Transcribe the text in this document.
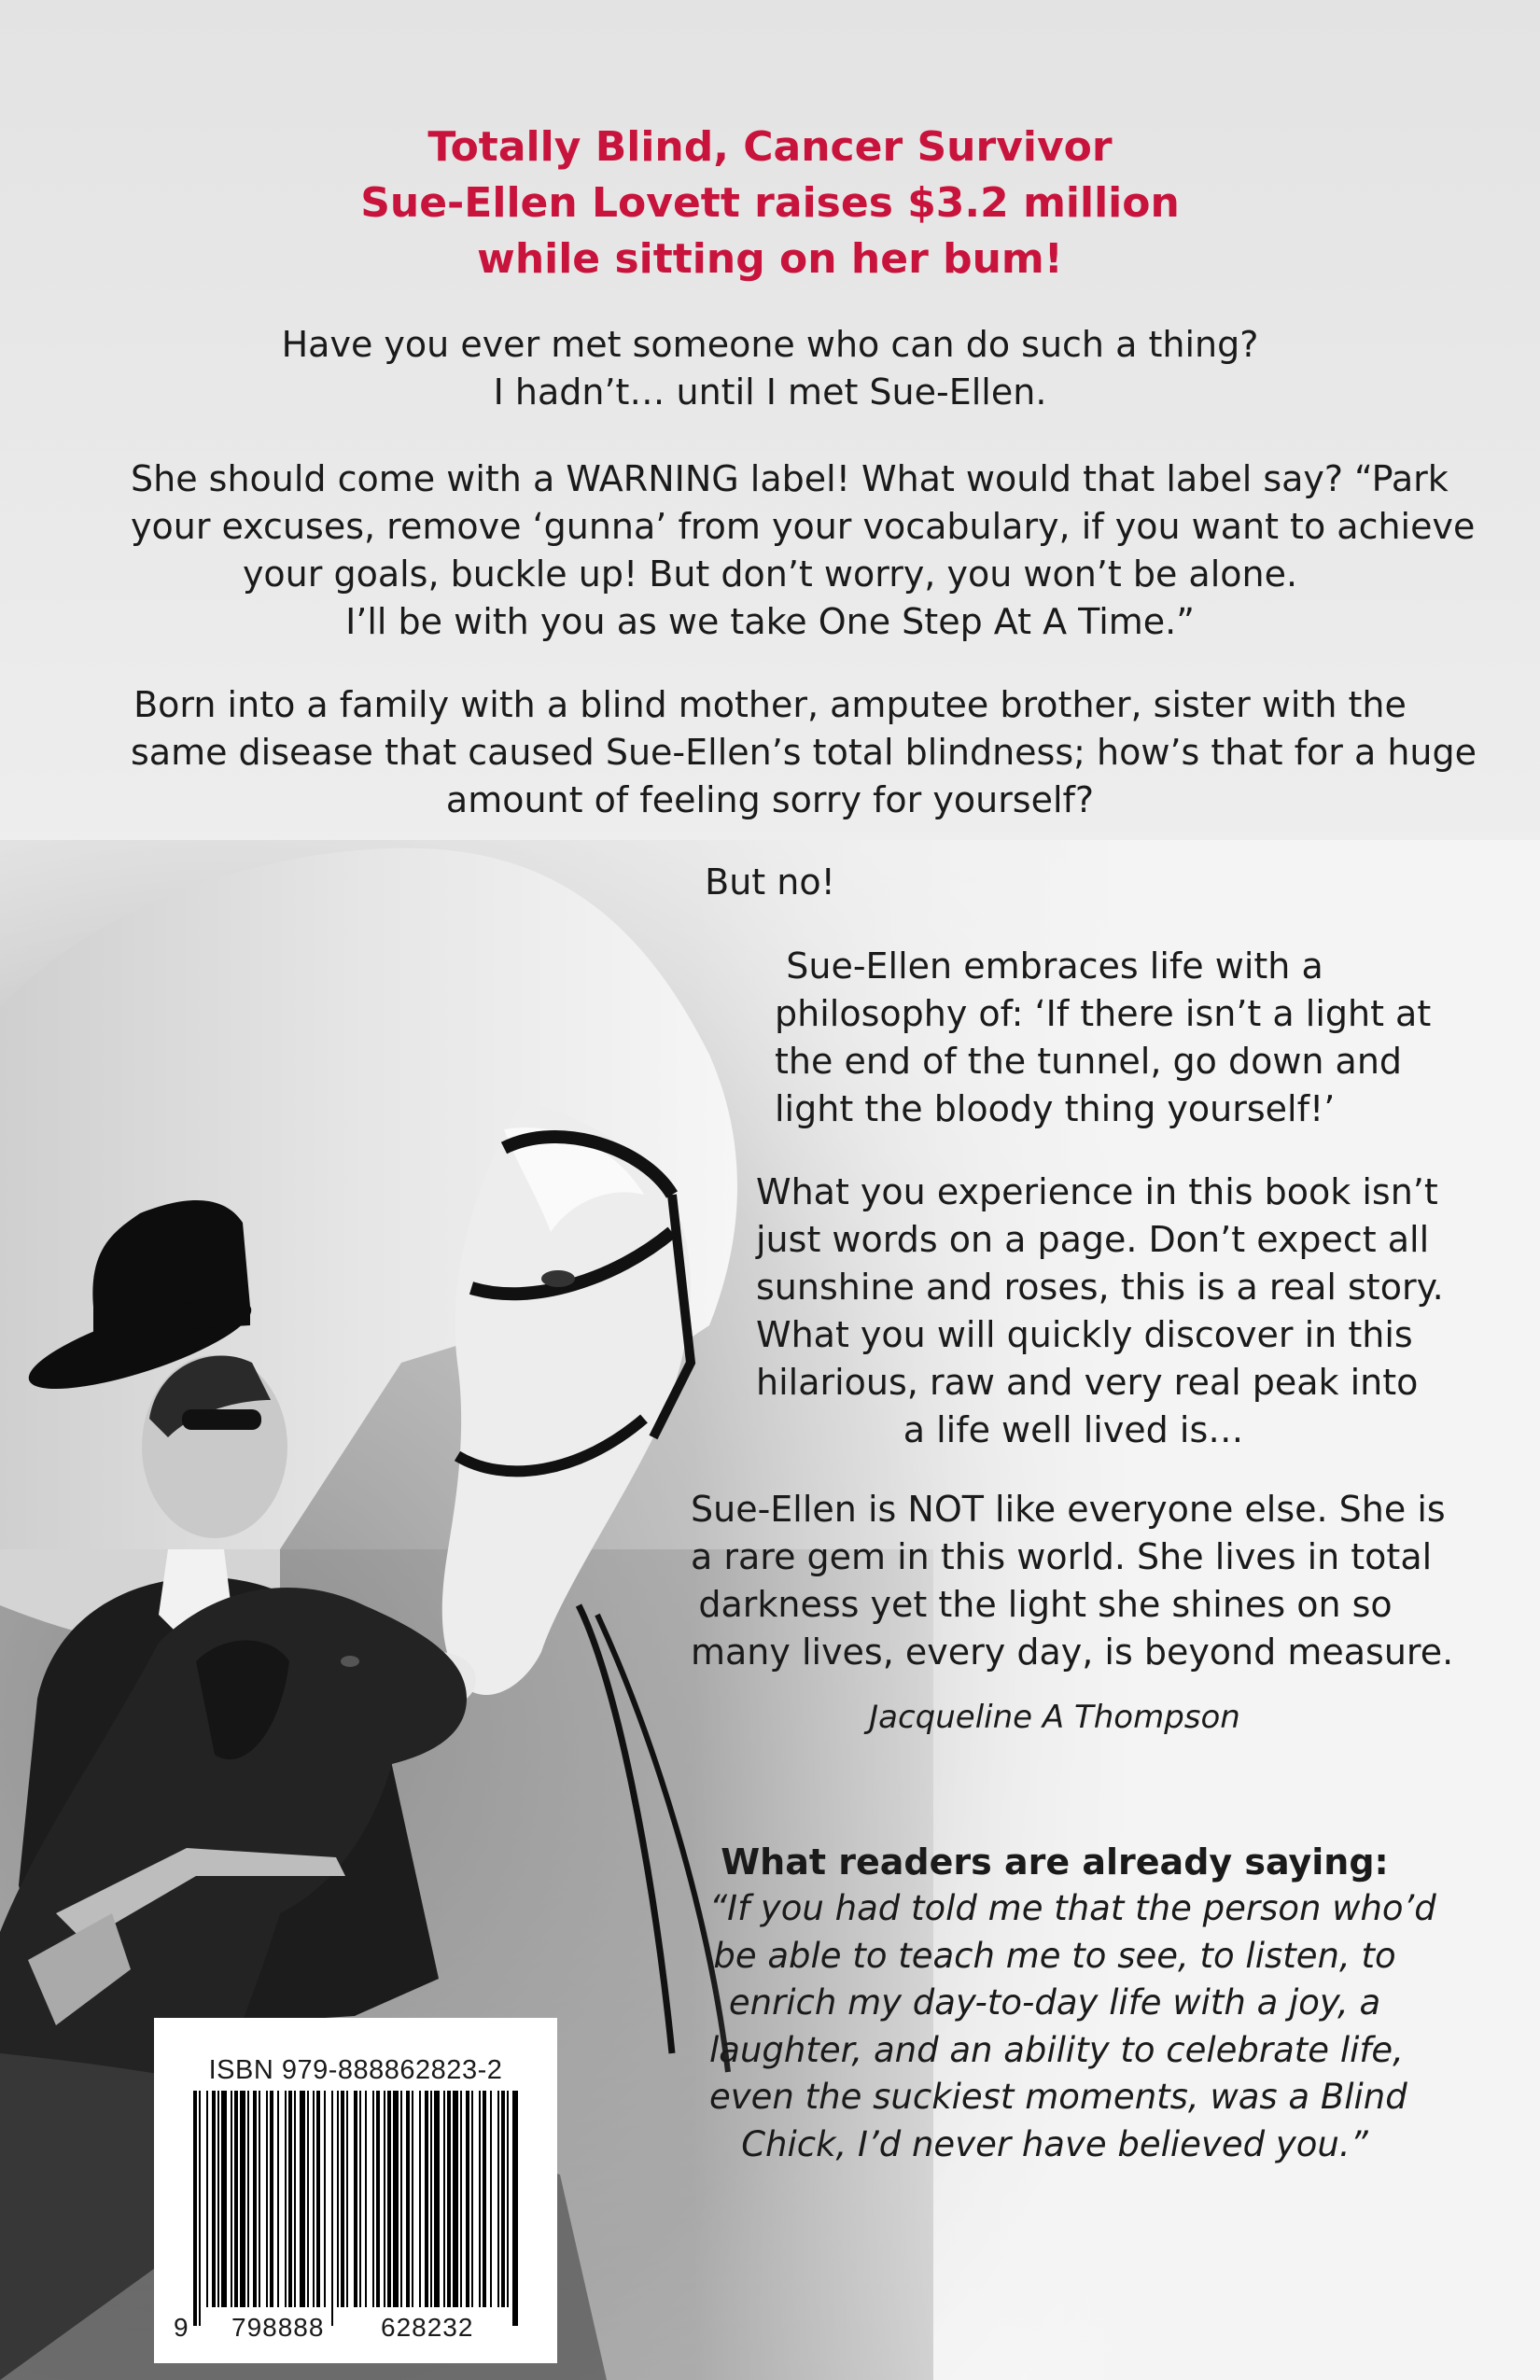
Totally Blind, Cancer Survivor
Sue-Ellen Lovett raises $3.2 million
while sitting on her bum!
Have you ever met someone who can do such a thing?
I hadn’t… until I met Sue-Ellen.
She should come with a WARNING label! What would that label say? “Park
your excuses, remove ‘gunna’ from your vocabulary, if you want to achieve
your goals, buckle up! But don’t worry, you won’t be alone.
I’ll be with you as we take One Step At A Time.”
Born into a family with a blind mother, amputee brother, sister with the
same disease that caused Sue-Ellen’s total blindness; how’s that for a huge
amount of feeling sorry for yourself?
But no!
Sue-Ellen embraces life with a
philosophy of: ‘If there isn’t a light at
the end of the tunnel, go down and
light the bloody thing yourself!’
What you experience in this book isn’t
just words on a page. Don’t expect all
sunshine and roses, this is a real story.
What you will quickly discover in this
hilarious, raw and very real peak into
a life well lived is…
Sue-Ellen is NOT like everyone else. She is
a rare gem in this world. She lives in total
darkness yet the light she shines on so
many lives, every day, is beyond measure.
Jacqueline A Thompson
What readers are already saying:
“If you had told me that the person who’d
be able to teach me to see, to listen, to
enrich my day-to-day life with a joy, a
laughter, and an ability to celebrate life,
even the suckiest moments, was a Blind
Chick, I’d never have believed you.”
ISBN 979-888862823-2
9 798888 628232
